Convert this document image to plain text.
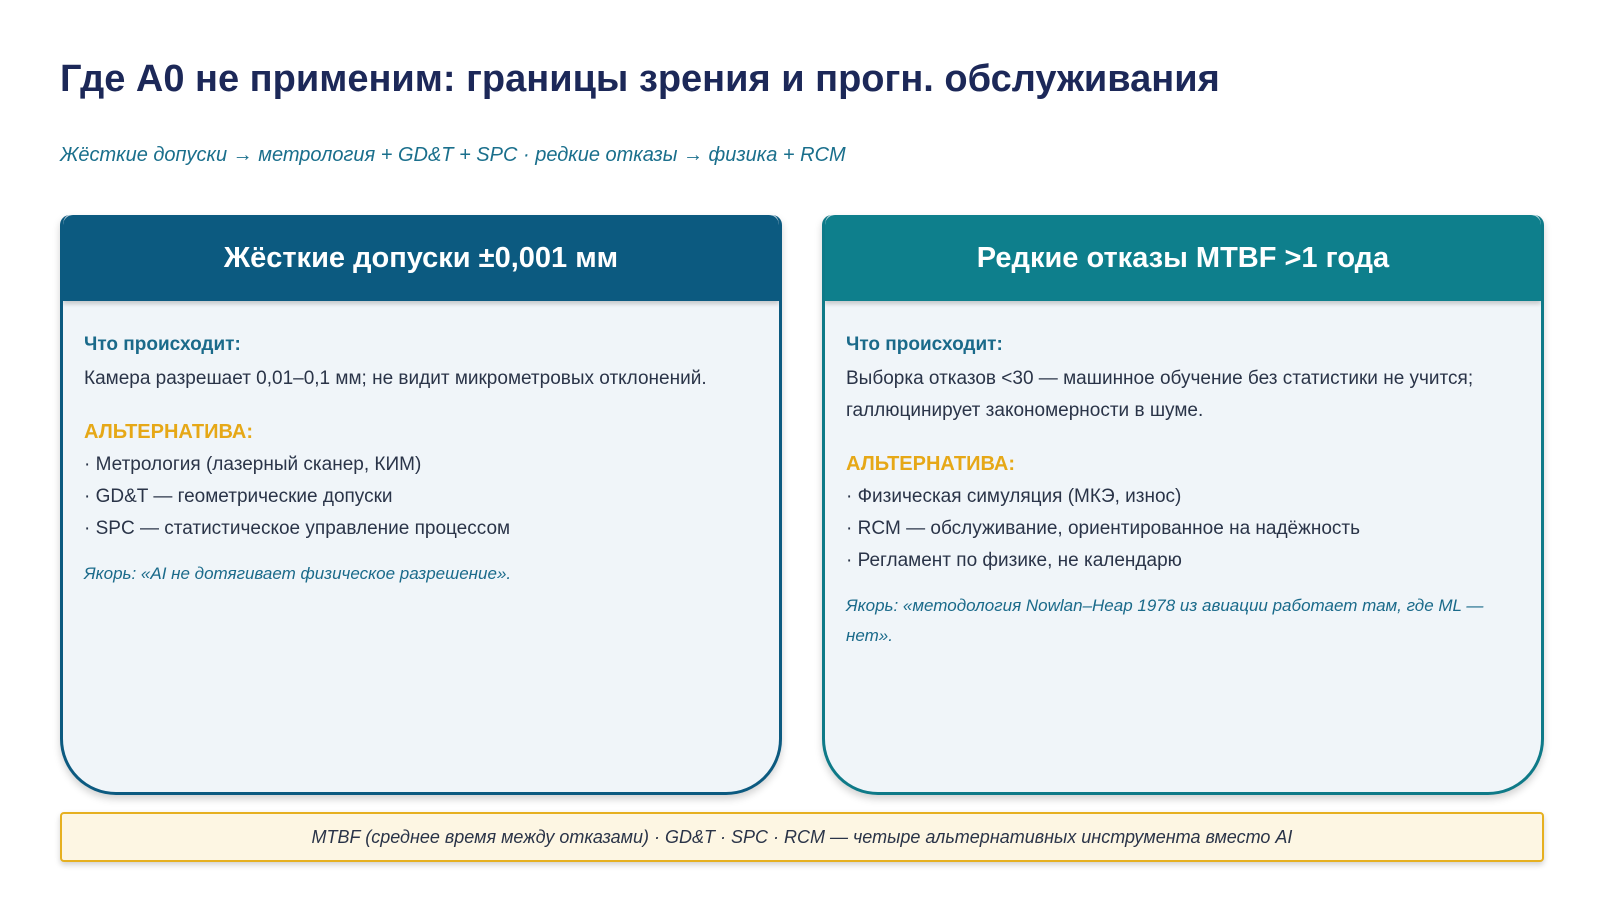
Где A0 не применим: границы зрения и прогн. обслуживания
Жёсткие допуски → метрология + GD&T + SPC · редкие отказы → физика + RCM
Жёсткие допуски ±0,001 мм
Что происходит:
Камера разрешает 0,01–0,1 мм; не видит микрометровых отклонений.
АЛЬТЕРНАТИВА:
· Метрология (лазерный сканер, КИМ)
· GD&T — геометрические допуски
· SPC — статистическое управление процессом
Якорь: «AI не дотягивает физическое разрешение».
Редкие отказы MTBF >1 года
Что происходит:
Выборка отказов <30 — машинное обучение без статистики не учится; галлюцинирует закономерности в шуме.
АЛЬТЕРНАТИВА:
· Физическая симуляция (МКЭ, износ)
· RCM — обслуживание, ориентированное на надёжность
· Регламент по физике, не календарю
Якорь: «методология Nowlan–Heap 1978 из авиации работает там, где ML — нет».
MTBF (среднее время между отказами) · GD&T · SPC · RCM — четыре альтернативных инструмента вместо AI
